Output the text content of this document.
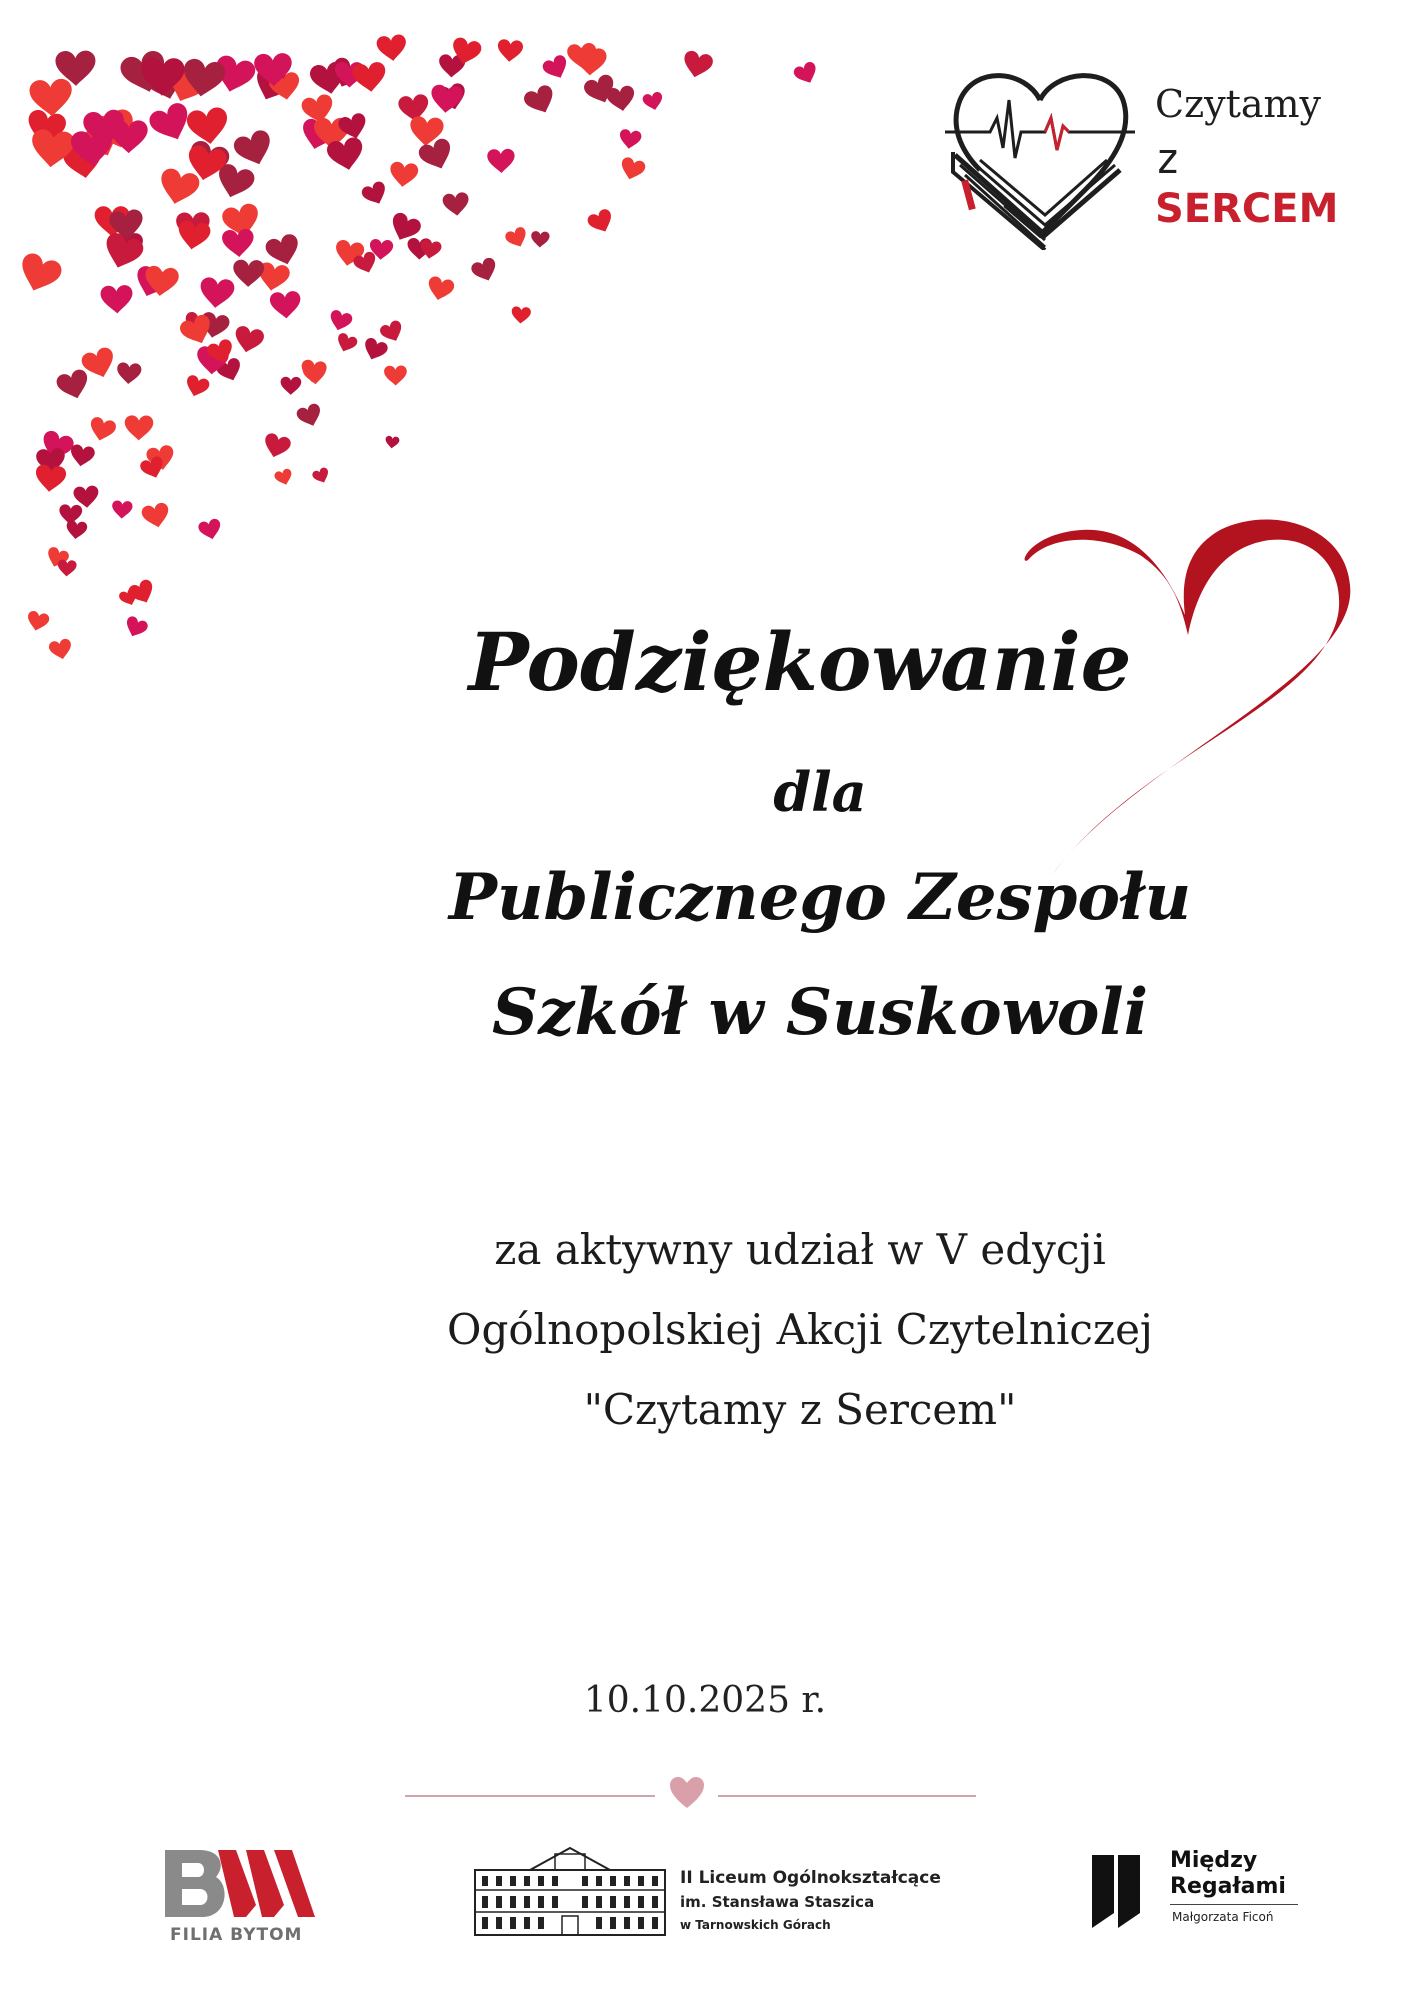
Czytamy
z SERCEM
Podziękowanie
dla
Publicznego Zespołu
Szkół w Suskowoli
za aktywny udział w V edycji
Ogólnopolskiej Akcji Czytelniczej
"Czytamy z Sercem"
10.10.2025 r.
FILIA BYTOM
II Liceum Ogólnokształcące
im. Stansława Staszica
w Tarnowskich Górach
Między
Regałami
Małgorzata Ficoń
